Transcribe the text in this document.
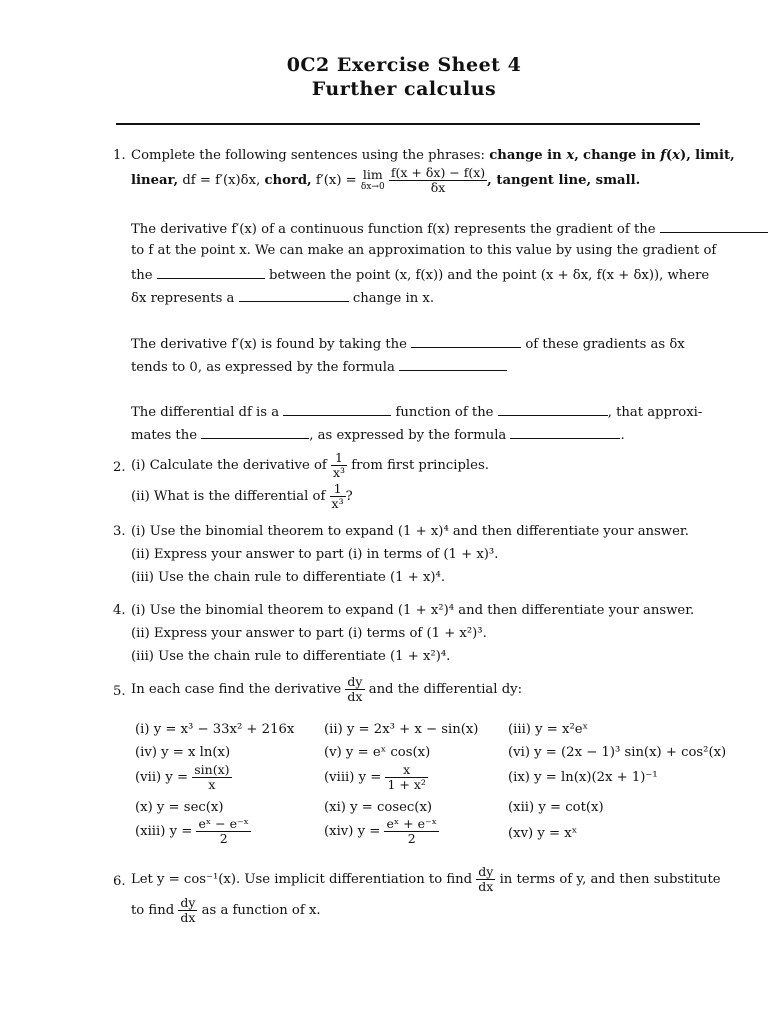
0C2 Exercise Sheet 4
Further calculus
1. Complete the following sentences using the phrases: change in x, change in f(x), limit,
linear, df = f′(x)δx, chord, f′(x) = lim
δx→0
$\frac{f(x + \delta x) - f(x)}{\delta x}$ , tangent line, small.
The derivative f′(x) of a continuous function f(x) represents the gradient of the
to f at the point x. We can make an approximation to this value by using the gradient of
the	between the point (x, f(x)) and the point (x + δx, f(x + δx)), where
δx represents a	change in x.
The derivative f′(x) is found by taking the	of these gradients as δx
tends to 0, as expressed by the formula
The differential df is a	function of the	, that approxi-
mates the	, as expressed by the formula	.
2. (i) Calculate the derivative of $\frac{1}{\text{x³}}$ from first principles.
(ii) What is the differential of $\frac{1}{\text{x³}}$ ?
3. (i) Use the binomial theorem to expand (1 + x)⁴ and then differentiate your answer.
(ii) Express your answer to part (i) in terms of (1 + x)³.
(iii) Use the chain rule to differentiate (1 + x)⁴.
4. (i) Use the binomial theorem to expand (1 + x²)⁴ and then differentiate your answer.
(ii) Express your answer to part (i) terms of (1 + x²)³.
(iii) Use the chain rule to differentiate (1 + x²)⁴.
5. In each case find the derivative $\frac{dy}{dx}$ and the differential dy:
(i) y = x³ − 33x² + 216x (ii) y = 2x³ + x − sin(x) (iii) y = x²eˣ
(iv) y = x ln(x)	(v) y = eˣ cos(x)	(vi) y = (2x − 1)³ sin(x) + cos²(x)
(vii) $y = \frac{\sin(x)}{x}$	(viii) $y = \frac{x}{\text{1 + x²}}$	(ix) y = ln(x)(2x + 1)⁻¹
(x) y = sec(x)	(xi) y = cosec(x)	(xii) y = cot(x)
(xiii) $y = \frac{\text{eˣ − e⁻ˣ}}{2}$	(xiv) $y = \frac{\text{eˣ + e⁻ˣ}}{2}$	(xv) y = xˣ
6. Let y = cos⁻¹(x). Use implicit differentiation to find $\frac{dy}{dx}$ in terms of y, and then substitute
to find $\frac{dy}{dx}$ as a function of x.
